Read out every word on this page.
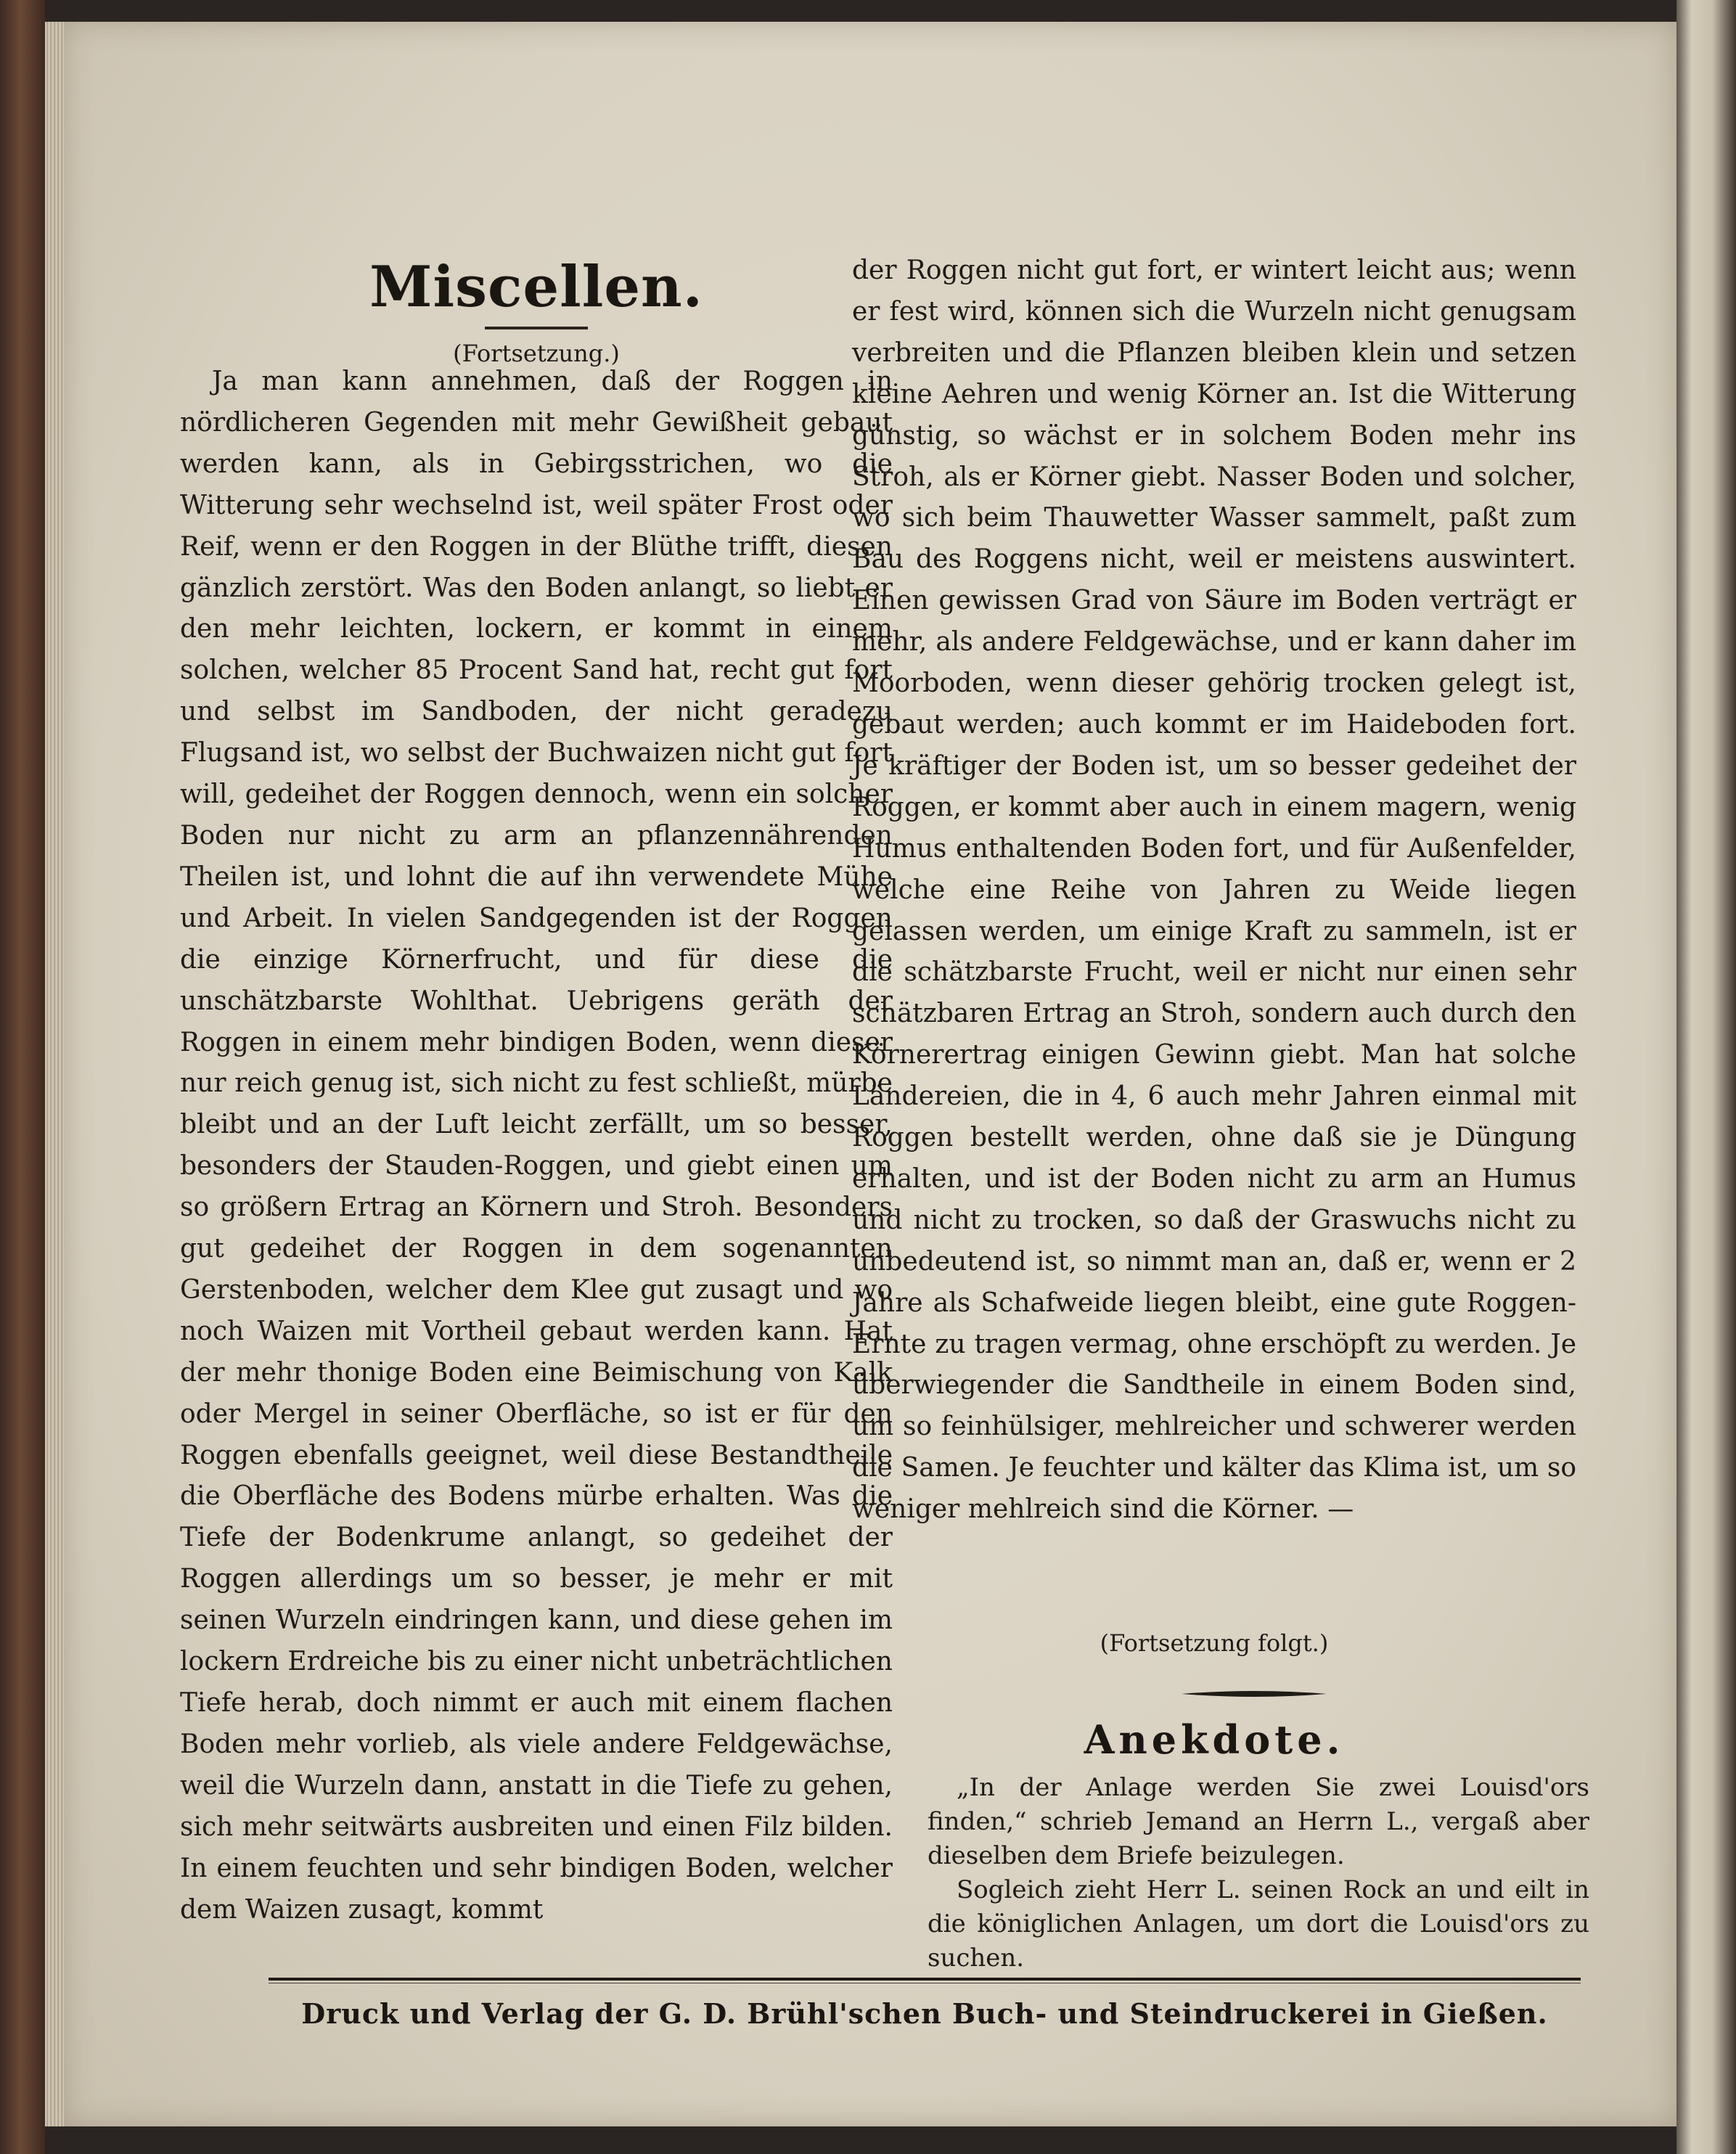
Miscellen.
(Fortsetzung.)

Ja man kann annehmen, daß der Roggen in nördlicheren Gegenden mit mehr Gewißheit gebaut werden kann, als in Gebirgsstrichen, wo die Witterung sehr wechselnd ist, weil später Frost oder Reif, wenn er den Roggen in der Blüthe trifft, diesen gänzlich zerstört. Was den Boden anlangt, so liebt er den mehr leichten, lockern, er kommt in einem solchen, welcher 85 Procent Sand hat, recht gut fort und selbst im Sandboden, der nicht geradezu Flugsand ist, wo selbst der Buchwaizen nicht gut fort will, gedeihet der Roggen dennoch, wenn ein solcher Boden nur nicht zu arm an pflanzennährenden Theilen ist, und lohnt die auf ihn verwendete Mühe und Arbeit. In vielen Sandgegenden ist der Roggen die einzige Körnerfrucht, und für diese die unschätzbarste Wohlthat. Uebrigens geräth der Roggen in einem mehr bindigen Boden, wenn dieser nur reich genug ist, sich nicht zu fest schließt, mürbe bleibt und an der Luft leicht zerfällt, um so besser, besonders der Stauden-Roggen, und giebt einen um so größern Ertrag an Körnern und Stroh. Besonders gut gedeihet der Roggen in dem sogenannten Gerstenboden, welcher dem Klee gut zusagt und wo noch Waizen mit Vortheil gebaut werden kann. Hat der mehr thonige Boden eine Beimischung von Kalk oder Mergel in seiner Oberfläche, so ist er für den Roggen ebenfalls geeignet, weil diese Bestandtheile die Oberfläche des Bodens mürbe erhalten. Was die Tiefe der Bodenkrume anlangt, so gedeihet der Roggen allerdings um so besser, je mehr er mit seinen Wurzeln eindringen kann, und diese gehen im lockern Erdreiche bis zu einer nicht unbeträchtlichen Tiefe herab, doch nimmt er auch mit einem flachen Boden mehr vorlieb, als viele andere Feldgewächse, weil die Wurzeln dann, anstatt in die Tiefe zu gehen, sich mehr seitwärts ausbreiten und einen Filz bilden. In einem feuchten und sehr bindigen Boden, welcher dem Waizen zusagt, kommt

der Roggen nicht gut fort, er wintert leicht aus; wenn er fest wird, können sich die Wurzeln nicht genugsam verbreiten und die Pflanzen bleiben klein und setzen kleine Aehren und wenig Körner an. Ist die Witterung günstig, so wächst er in solchem Boden mehr ins Stroh, als er Körner giebt. Nasser Boden und solcher, wo sich beim Thauwetter Wasser sammelt, paßt zum Bau des Roggens nicht, weil er meistens auswintert. Einen gewissen Grad von Säure im Boden verträgt er mehr, als andere Feldgewächse, und er kann daher im Moorboden, wenn dieser gehörig trocken gelegt ist, gebaut werden; auch kommt er im Haideboden fort. Je kräftiger der Boden ist, um so besser gedeihet der Roggen, er kommt aber auch in einem magern, wenig Humus enthaltenden Boden fort, und für Außenfelder, welche eine Reihe von Jahren zu Weide liegen gelassen werden, um einige Kraft zu sammeln, ist er die schätzbarste Frucht, weil er nicht nur einen sehr schätzbaren Ertrag an Stroh, sondern auch durch den Körnerertrag einigen Gewinn giebt. Man hat solche Ländereien, die in 4, 6 auch mehr Jahren einmal mit Roggen bestellt werden, ohne daß sie je Düngung erhalten, und ist der Boden nicht zu arm an Humus und nicht zu trocken, so daß der Graswuchs nicht zu unbedeutend ist, so nimmt man an, daß er, wenn er 2 Jahre als Schafweide liegen bleibt, eine gute Roggen-Ernte zu tragen vermag, ohne erschöpft zu werden. Je überwiegender die Sandtheile in einem Boden sind, um so feinhülsiger, mehlreicher und schwerer werden die Samen. Je feuchter und kälter das Klima ist, um so weniger mehlreich sind die Körner. —

(Fortsetzung folgt.)
Anekdote.

„In der Anlage werden Sie zwei Louisd'ors finden,“ schrieb Jemand an Herrn L., vergaß aber dieselben dem Briefe beizulegen.

Sogleich zieht Herr L. seinen Rock an und eilt in die königlichen Anlagen, um dort die Louisd'ors zu suchen.

Druck und Verlag der G. D. Brühl'schen Buch- und Steindruckerei in Gießen.
